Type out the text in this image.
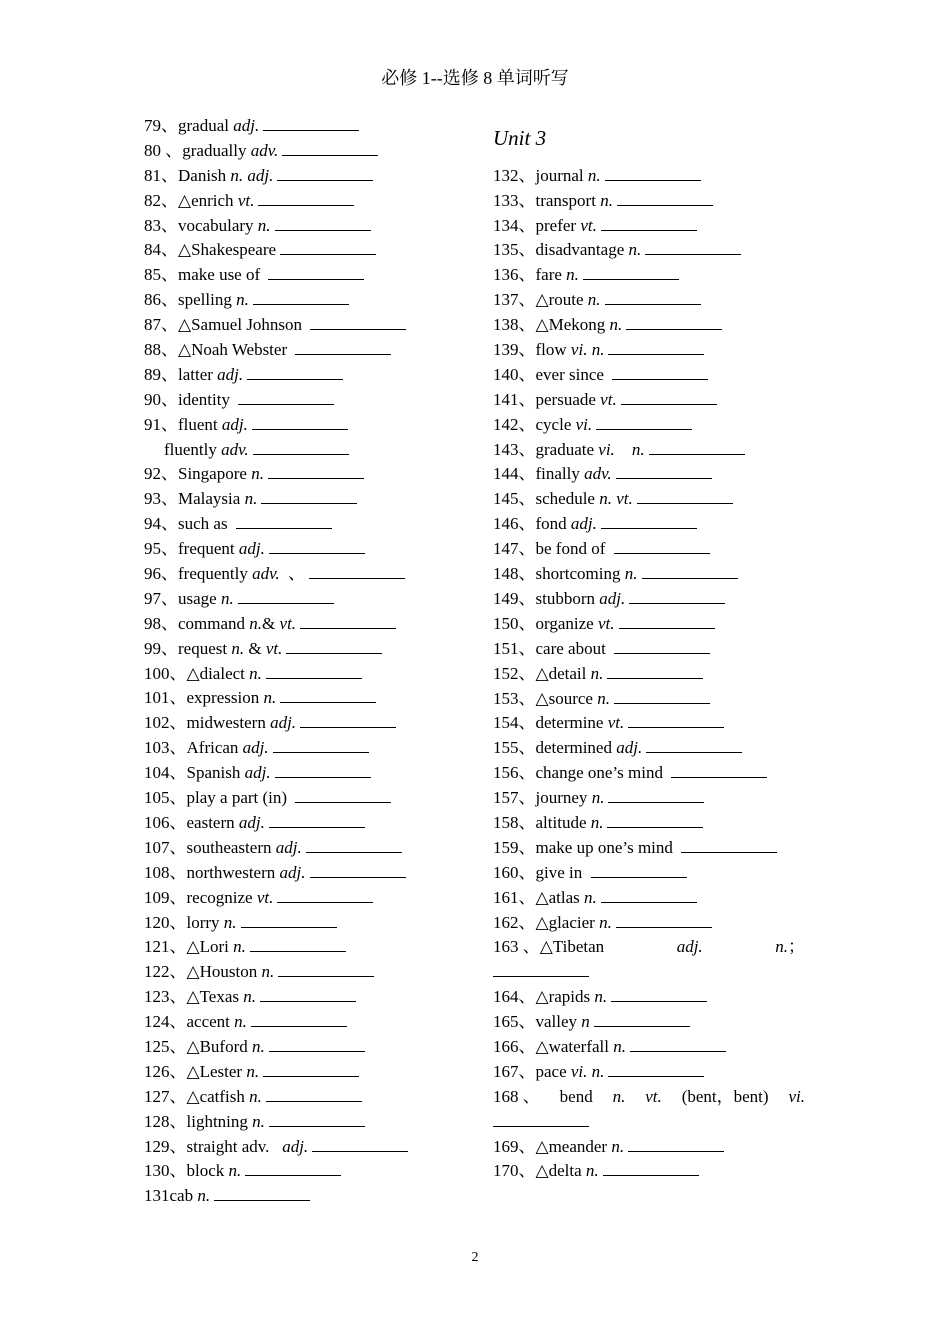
必修 1--选修 8 单词听写
79、gradual adj.
80 、gradually adv.
81、Danish n. adj.
82、△enrich vt.
83、vocabulary n.
84、△Shakespeare
85、make use of
86、spelling n.
87、△Samuel Johnson
88、△Noah Webster
89、latter adj.
90、identity
91、fluent adj.
fluently adv.
92、Singapore n.
93、Malaysia n.
94、such as
95、frequent adj.
96、frequently adv.  、
97、usage n.
98、command n.& vt.
99、request n. & vt.
100、△dialect n.
101、expression n.
102、midwestern adj.
103、African adj.
104、Spanish adj.
105、play a part (in)
106、eastern adj.
107、southeastern adj.
108、northwestern adj.
109、recognize vt.
120、lorry n.
121、△Lori n.
122、△Houston n.
123、△Texas n.
124、accent n.
125、△Buford n.
126、△Lester n.
127、△catfish n.
128、lightning n.
129、straight adv.   adj.
130、block n.
131cab n.
Unit 3
132、journal n.
133、transport n.
134、prefer vt.
135、disadvantage n.
136、fare n.
137、△route n.
138、△Mekong n.
139、flow vi. n.
140、ever since
141、persuade vt.
142、cycle vi.
143、graduate vi. n.
144、finally adv.
145、schedule n. vt.
146、fond adj.
147、be fond of
148、shortcoming n.
149、stubborn adj.
150、organize vt.
151、care about
152、△detail n.
153、△source n.
154、determine vt.
155、determined adj.
156、change one’s mind
157、journey n.
158、altitude n.
159、make up one’s mind
160、give in
161、△atlas n.
162、△glacier n.
163 、△Tibetan	adj.	n.；
164、△rapids n.
165、valley n
166、△waterfall n.
167、pace vi. n.
168 、 bend n. vt. (bent，bent) vi.
169、△meander n.
170、△delta n.
2
